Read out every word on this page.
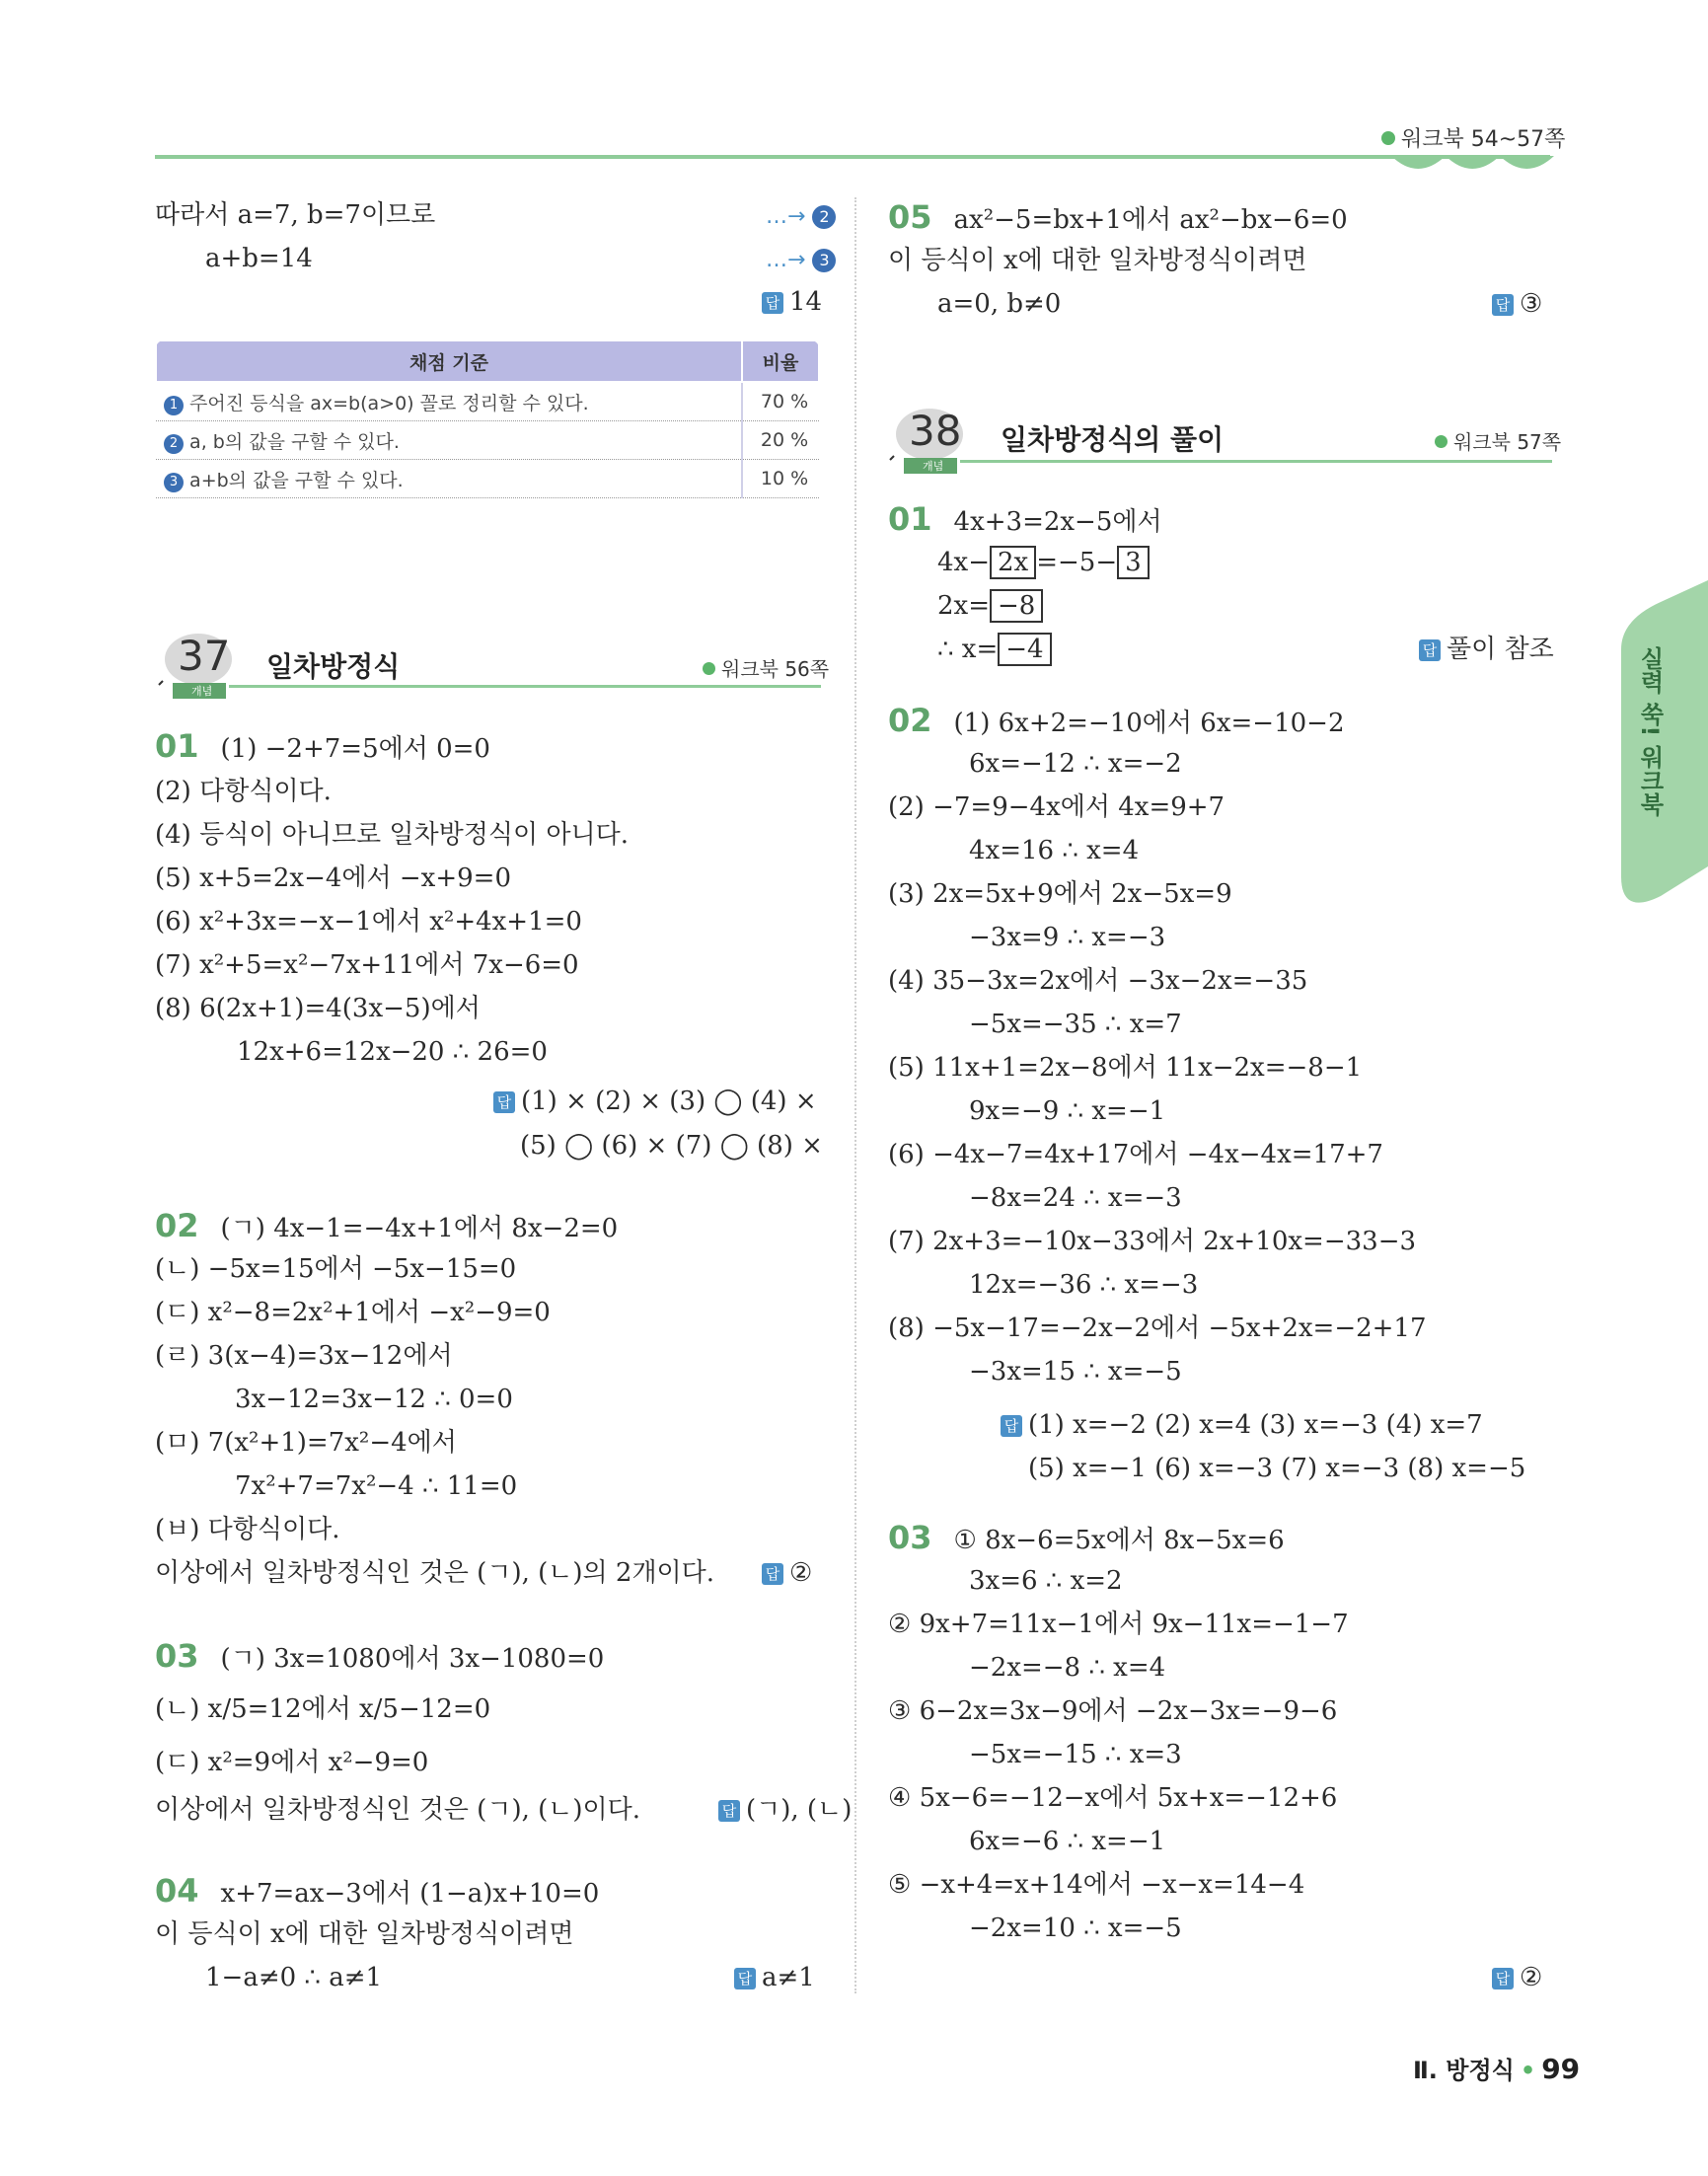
워크북 54~57쪽
따라서 a=7, b=7이므로	…→ 2
a+b=14	…→ 3
답 14
채점 기준	비율
1 주어진 등식을 ax=b(a>0) 꼴로 정리할 수 있다.	70 %
2 a, b의 값을 구할 수 있다.	20 %
3 a+b의 값을 구할 수 있다.	10 %
37
개념
일차방정식	워크북 56쪽
01 (1) −2+7=5에서 0=0
(2) 다항식이다.
(4) 등식이 아니므로 일차방정식이 아니다.
(5) x+5=2x−4에서 −x+9=0
(6) x²+3x=−x−1에서 x²+4x+1=0
(7) x²+5=x²−7x+11에서 7x−6=0
(8) 6(2x+1)=4(3x−5)에서
12x+6=12x−20 ∴ 26=0
답 (1) × (2) × (3) ◯ (4) ×
(5) ◯ (6) × (7) ◯ (8) ×
02 (ㄱ) 4x−1=−4x+1에서 8x−2=0
(ㄴ) −5x=15에서 −5x−15=0
(ㄷ) x²−8=2x²+1에서 −x²−9=0
(ㄹ) 3(x−4)=3x−12에서
3x−12=3x−12 ∴ 0=0
(ㅁ) 7(x²+1)=7x²−4에서
7x²+7=7x²−4 ∴ 11=0
(ㅂ) 다항식이다.
이상에서 일차방정식인 것은 (ㄱ), (ㄴ)의 2개이다.	답 ②
03 (ㄱ) 3x=1080에서 3x−1080=0
(ㄴ) x/5=12에서 x/5−12=0
(ㄷ) x²=9에서 x²−9=0
이상에서 일차방정식인 것은 (ㄱ), (ㄴ)이다.	답 (ㄱ), (ㄴ)
04 x+7=ax−3에서 (1−a)x+10=0
이 등식이 x에 대한 일차방정식이려면
1−a≠0 ∴ a≠1	답 a≠1
05 ax²−5=bx+1에서 ax²−bx−6=0
이 등식이 x에 대한 일차방정식이려면
a=0, b≠0	답 ③
38
개념
일차방정식의 풀이	워크북 57쪽
01 4x+3=2x−5에서
4x− 2x =−5− 3
2x= −8
∴ x= −4	답 풀이 참조
02 (1) 6x+2=−10에서 6x=−10−2
6x=−12 ∴ x=−2
(2) −7=9−4x에서 4x=9+7
4x=16 ∴ x=4
(3) 2x=5x+9에서 2x−5x=9
−3x=9 ∴ x=−3
(4) 35−3x=2x에서 −3x−2x=−35
−5x=−35 ∴ x=7
(5) 11x+1=2x−8에서 11x−2x=−8−1
9x=−9 ∴ x=−1
(6) −4x−7=4x+17에서 −4x−4x=17+7
−8x=24 ∴ x=−3
(7) 2x+3=−10x−33에서 2x+10x=−33−3
12x=−36 ∴ x=−3
(8) −5x−17=−2x−2에서 −5x+2x=−2+17
−3x=15 ∴ x=−5
답 (1) x=−2 (2) x=4 (3) x=−3 (4) x=7
(5) x=−1 (6) x=−3 (7) x=−3 (8) x=−5
03 ① 8x−6=5x에서 8x−5x=6
3x=6 ∴ x=2
② 9x+7=11x−1에서 9x−11x=−1−7
−2x=−8 ∴ x=4
③ 6−2x=3x−9에서 −2x−3x=−9−6
−5x=−15 ∴ x=3
④ 5x−6=−12−x에서 5x+x=−12+6
6x=−6 ∴ x=−1
⑤ −x+4=x+14에서 −x−x=14−4
−2x=10 ∴ x=−5
답 ②
실력 쑥! 워크북
Ⅱ. 방정식 • 99
